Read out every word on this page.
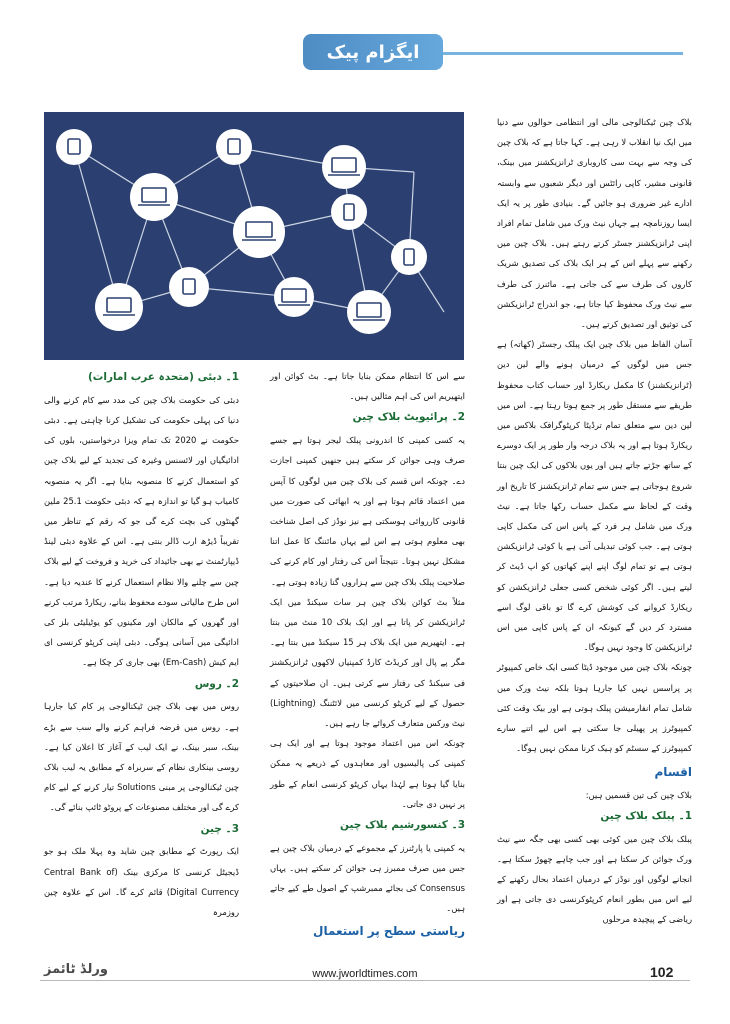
ایگزام پیک

بلاک چین ٹیکنالوجی مالی اور انتظامی حوالوں سے دنیا میں ایک نیا انقلاب لا رہی ہے۔ کہا جاتا ہے کہ بلاک چین کی وجہ سے بہت سی کاروباری ٹرانزیکشنز میں بینک، قانونی مشیر، کاپی رائٹس اور دیگر شعبوں سے وابستہ ادارے غیر ضروری ہو جائیں گے۔ بنیادی طور پر یہ ایک ایسا روزنامچہ ہے جہاں نیٹ ورک میں شامل تمام افراد اپنی ٹرانزیکشنز جسٹر کرتے رہتے ہیں۔ بلاک چین میں رکھنے سے پہلے اس کے ہر ایک بلاک کی تصدیق شریک کاروں کی طرف سے کی جاتی ہے۔ مائنرز کی طرف سے نیٹ ورک محفوظ کیا جاتا ہے، جو اندراج ٹرانزیکشن کی توثیق اور تصدیق کرتے ہیں۔

آسان الفاظ میں بلاک چین ایک پبلک رجسٹر (کھاتہ) ہے جس میں لوگوں کے درمیان ہونے والے لین دین (ٹرانزیکشنز) کا مکمل ریکارڈ اور حساب کتاب محفوظ طریقے سے مستقل طور پر جمع ہوتا رہتا ہے۔ اس میں لین دین سے متعلق تمام ترڈیٹا کرپٹوگرافک بلاکس میں ریکارڈ ہوتا ہے اور یہ بلاک درجہ وار طور پر ایک دوسرے کے ساتھ جڑتے جاتے ہیں اور یوں بلاکوں کی ایک چین بنتا شروع ہوجاتی ہے جس سے تمام ٹرانزیکشنز کا تاریخ اور وقت کے لحاظ سے مکمل حساب رکھا جاتا ہے۔ نیٹ ورک میں شامل ہر فرد کے پاس اس کی مکمل کاپی ہوتی ہے۔ جب کوئی تبدیلی آتی ہے یا کوئی ٹرانزیکشن ہوتی ہے تو تمام لوگ اپنے اپنے کھاتوں کو اپ ڈیٹ کر لیتے ہیں۔ اگر کوئی شخص کسی جعلی ٹرانزیکشن کو ریکارڈ کروانے کی کوشش کرے گا تو باقی لوگ اسے مسترد کر دیں گے کیونکہ ان کے پاس کاپی میں اس ٹرانزیکشن کا وجود نہیں ہوگا۔

چونکہ بلاک چین میں موجود ڈیٹا کسی ایک خاص کمپیوٹر پر پراسس نہیں کیا جارہا ہوتا بلکہ نیٹ ورک میں شامل تمام انفارمیشن پبلک ہوتی ہے اور بیک وقت کئی کمپیوٹرز پر پھیلی جا سکتی ہے اس لیے اتنے سارے کمپیوٹرز کے سسٹم کو ہیک کرنا ممکن نہیں ہوگا۔

اقسام

بلاک چین کی تین قسمیں ہیں:

1۔ پبلک بلاک چین

پبلک بلاک چین میں کوئی بھی کسی بھی جگہ سے نیٹ ورک جوائن کر سکتا ہے اور جب چاہے چھوڑ سکتا ہے۔ انجانے لوگوں اور نوڈز کے درمیان اعتماد بحال رکھنے کے لیے اس میں بطور انعام کرپٹوکرنسی دی جاتی ہے اور ریاضی کے پیچیدہ مرحلوں

سے اس کا انتظام ممکن بنایا جاتا ہے۔ بٹ کوائن اور ایتھیریم اس کی اہم مثالیں ہیں۔

2۔ پرائیویٹ بلاک چین

یہ کسی کمپنی کا اندرونی پبلک لیجر ہوتا ہے جسے صرف وہی جوائن کر سکتے ہیں جنھیں کمپنی اجازت دے۔ چونکہ اس قسم کی بلاک چین میں لوگوں کا آپس میں اعتماد قائم ہوتا ہے اور یہ ابھائی کی صورت میں قانونی کارروائی ہوسکتی ہے نیز نوڈز کی اصل شناخت بھی معلوم ہوتی ہے اس لیے یہاں مائننگ کا عمل اتنا مشکل نہیں ہوتا۔ نتیجتاً اس کی رفتار اور کام کرنے کی صلاحیت پبلک بلاک چین سے ہزاروں گنا زیادہ ہوتی ہے۔

مثلاً بٹ کوائن بلاک چین ہر سات سیکنڈ میں ایک ٹرانزیکشن کر پاتا ہے اور ایک بلاک 10 منٹ میں بنتا ہے۔ ایتھیریم میں ایک بلاک ہر 15 سیکنڈ میں بنتا ہے۔ مگر پے پال اور کریڈٹ کارڈ کمپنیاں لاکھوں ٹرانزیکشنز فی سیکنڈ کی رفتار سے کرتی ہیں۔ ان صلاحیتوں کے حصول کے لیے کرپٹو کرنسی میں لائٹننگ (Lightning) نیٹ ورکس متعارف کروائے جا رہے ہیں۔

چونکہ اس میں اعتماد موجود ہوتا ہے اور ایک ہی کمپنی کی پالیسیوں اور معاہدوں کے ذریعے یہ ممکن بنایا گیا ہوتا ہے لہٰذا یہاں کرپٹو کرنسی انعام کے طور پر نہیں دی جاتی۔

3۔ کنسورشیم بلاک چین

یہ کمپنی یا پارٹنرز کے مجموعے کے درمیان بلاک چین ہے جس میں صرف ممبرز ہی جوائن کر سکتے ہیں۔ یہاں Consensus کی بجائے ممبرشپ کے اصول طے کیے جاتے ہیں۔

ریاستی سطح پر استعمال

1۔ دبئی (متحدہ عرب امارات)

دبئی کی حکومت بلاک چین کی مدد سے کام کرنے والی دنیا کی پہلی حکومت کی تشکیل کرنا چاہتی ہے۔ دبئی حکومت نے 2020 تک تمام ویزا درخواستیں، بلوں کی ادائیگیاں اور لائسنس وغیرہ کی تجدید کے لیے بلاک چین کو استعمال کرنے کا منصوبہ بنایا ہے۔ اگر یہ منصوبہ کامیاب ہو گیا تو اندازہ ہے کہ دبئی حکومت 25.1 ملین گھنٹوں کی بچت کرے گی جو کہ رقم کے تناظر میں تقریباً ڈیڑھ ارب ڈالر بنتی ہے۔ اس کے علاوہ دبئی لینڈ ڈیپارٹمنٹ نے بھی جائیداد کی خرید و فروخت کے لیے بلاک چین سے چلنے والا نظام استعمال کرنے کا عندیہ دیا ہے۔ اس طرح مالیاتی سودے محفوظ بنانے، ریکارڈ مرتب کرنے اور گھروں کے مالکان اور مکینوں کو یوٹیلیٹی بلز کی ادائیگی میں آسانی ہوگی۔ دبئی اپنی کرپٹو کرنسی ای ایم کیش (Em-Cash) بھی جاری کر چکا ہے۔

2۔ روس

روس میں بھی بلاک چین ٹیکنالوجی پر کام کیا جارہا ہے۔ روس میں قرضہ فراہم کرنے والے سب سے بڑے بینک، سبر بینک، نے ایک لیب کے آغاز کا اعلان کیا ہے۔ روسی بینکاری نظام کے سربراہ کے مطابق یہ لیب بلاک چین ٹیکنالوجی پر مبنی Solutions تیار کرنے کے لیے کام کرے گی اور مختلف مصنوعات کے پروٹو ٹائپ بنائے گی۔

3۔ چین

ایک رپورٹ کے مطابق چین شاید وہ پہلا ملک ہو جو ڈیجیٹل کرنسی کا مرکزی بینک (Central Bank of Digital Currency) قائم کرے گا۔ اس کے علاوہ چین روزمرہ

ورلڈ ٹائمز	www.jworldtimes.com	102
